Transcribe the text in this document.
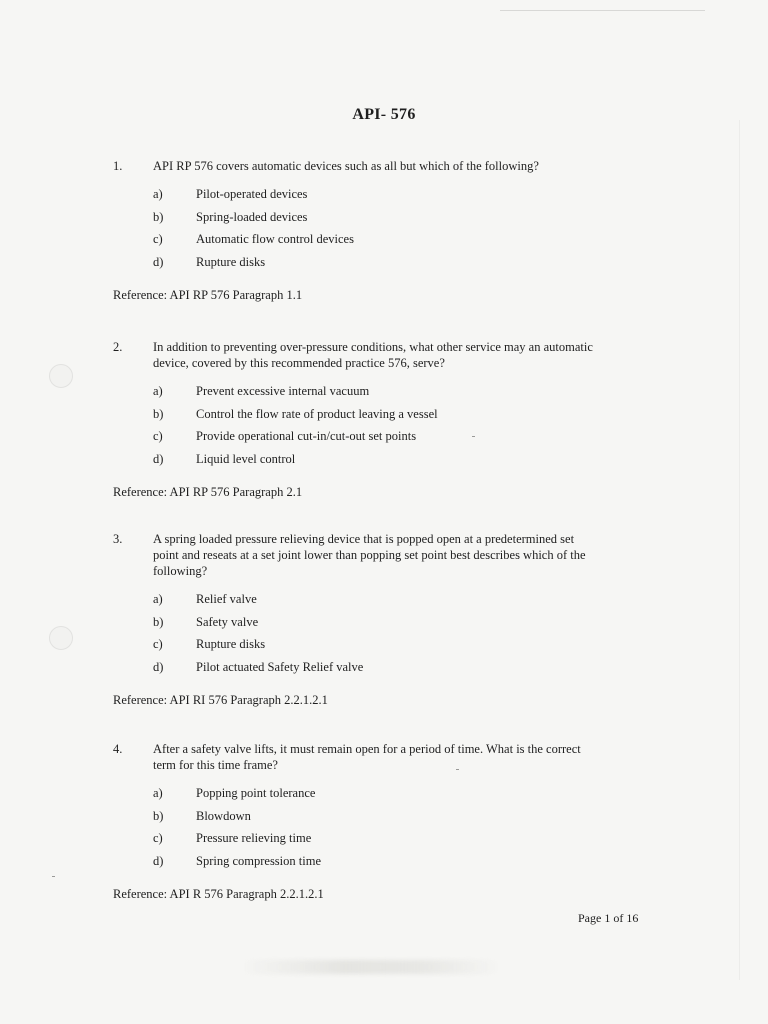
API- 576
1.	API RP 576 covers automatic devices such as all but which of the following?
a)	Pilot-operated devices
b)	Spring-loaded devices
c)	Automatic flow control devices
d)	Rupture disks
Reference: API RP 576 Paragraph 1.1
2.	In addition to preventing over-pressure conditions, what other service may an automatic
device, covered by this recommended practice 576, serve?
a)	Prevent excessive internal vacuum
b)	Control the flow rate of product leaving a vessel
c)	Provide operational cut-in/cut-out set points
d)	Liquid level control
Reference: API RP 576 Paragraph 2.1
3.	A spring loaded pressure relieving device that is popped open at a predetermined set
point and reseats at a set joint lower than popping set point best describes which of the
following?
a)	Relief valve
b)	Safety valve
c)	Rupture disks
d)	Pilot actuated Safety Relief valve
Reference: API RI 576 Paragraph 2.2.1.2.1
4.	After a safety valve lifts, it must remain open for a period of time. What is the correct
term for this time frame?
a)	Popping point tolerance
b)	Blowdown
c)	Pressure relieving time
d)	Spring compression time
Reference: API R 576 Paragraph 2.2.1.2.1
Page 1 of 16
